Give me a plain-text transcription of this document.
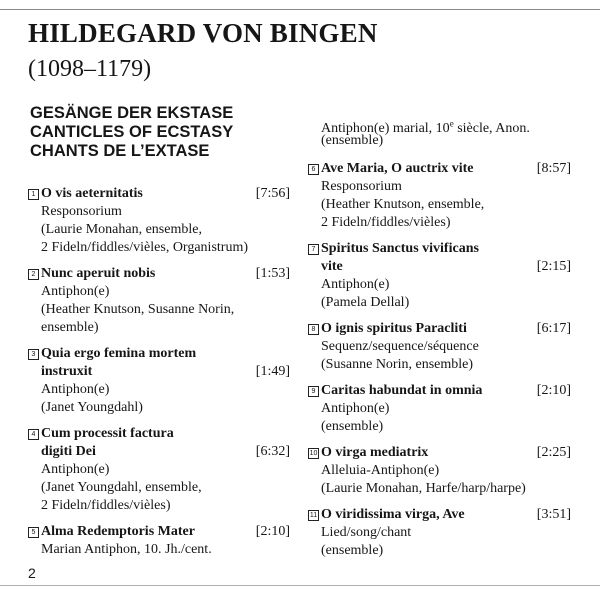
HILDEGARD VON BINGEN
(1098–1179)
GESÄNGE DER EKSTASE
CANTICLES OF ECSTASY
CHANTS DE L’EXTASE
1 O vis aeternitatis	[7:56]
Responsorium
(Laurie Monahan, ensemble,
2 Fideln/fiddles/vièles, Organistrum)
2 Nunc aperuit nobis	[1:53]
Antiphon(e)
(Heather Knutson, Susanne Norin,
ensemble)
3 Quia ergo femina mortem
instruxit	[1:49]
Antiphon(e)
(Janet Youngdahl)
4 Cum processit factura
digiti Dei	[6:32]
Antiphon(e)
(Janet Youngdahl, ensemble,
2 Fideln/fiddles/vièles)
5 Alma Redemptoris Mater	[2:10]
Marian Antiphon, 10. Jh./cent.
Antiphon(e) marial, 10e siècle, Anon.
(ensemble)
6 Ave Maria, O auctrix vite	[8:57]
Responsorium
(Heather Knutson, ensemble,
2 Fideln/fiddles/vièles)
7 Spiritus Sanctus vivificans
vite	[2:15]
Antiphon(e)
(Pamela Dellal)
8 O ignis spiritus Paracliti	[6:17]
Sequenz/sequence/séquence
(Susanne Norin, ensemble)
9 Caritas habundat in omnia	[2:10]
Antiphon(e)
(ensemble)
10 O virga mediatrix	[2:25]
Alleluia-Antiphon(e)
(Laurie Monahan, Harfe/harp/harpe)
11 O viridissima virga, Ave	[3:51]
Lied/song/chant
(ensemble)
2
